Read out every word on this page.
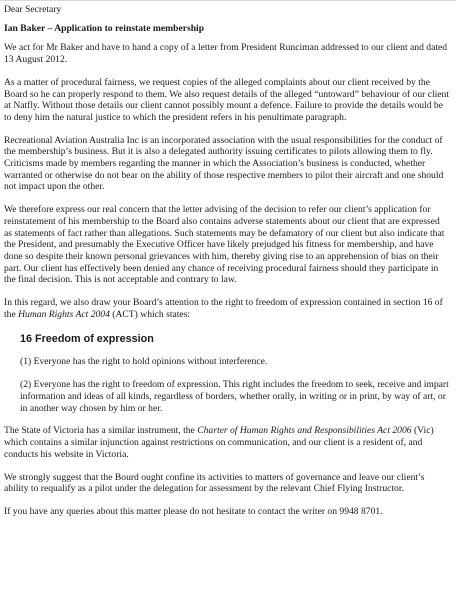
Dear Secretary

Ian Baker – Application to reinstate membership

We act for Mr Baker and have to hand a copy of a letter from President Runciman addressed to our client and dated 13 August 2012.

As a matter of procedural fairness, we request copies of the alleged complaints about our client received by the Board so he can properly respond to them. We also request details of the alleged “untoward” behaviour of our client at Natfly. Without those details our client cannot possibly mount a defence. Failure to provide the details would be to deny him the natural justice to which the president refers in his penultimate paragraph.

Recreational Aviation Australia Inc is an incorporated association with the usual responsibilities for the conduct of the membership’s business. But it is also a delegated authority issuing certificates to pilots allowing them to fly. Criticisms made by members regarding the manner in which the Association’s business is conducted, whether warranted or otherwise do not bear on the ability of those respective members to pilot their aircraft and one should not impact upon the other.

We therefore express our real concern that the letter advising of the decision to refer our client’s application for reinstatement of his membership to the Board also contains adverse statements about our client that are expressed as statements of fact rather than allegations. Such statements may be defamatory of our client but also indicate that the President, and presumably the Executive Officer have likely prejudged his fitness for membership, and have done so despite their known personal grievances with him, thereby giving rise to an apprehension of bias on their part. Our client has effectively been denied any chance of receiving procedural fairness should they participate in the final decision. This is not acceptable and contrary to law.

In this regard, we also draw your Board’s attention to the right to freedom of expression contained in section 16 of the Human Rights Act 2004 (ACT) which states:

16 Freedom of expression

(1) Everyone has the right to hold opinions without interference.

(2) Everyone has the right to freedom of expression. This right includes the freedom to seek, receive and impart information and ideas of all kinds, regardless of borders, whether orally, in writing or in print, by way of art, or in another way chosen by him or her.

The State of Victoria has a similar instrument, the Charter of Human Rights and Responsibilities Act 2006 (Vic) which contains a similar injunction against restrictions on communication, and our client is a resident of, and conducts his website in Victoria.

We strongly suggest that the Bourd ought confine its activities to matters of governance and leave our client’s ability to requalify as a pilot under the delegation for assessment by the relevant Chief Flying Instructor.

If you have any queries about this matter please do not hesitate to contact the writer on 9948 8701.
